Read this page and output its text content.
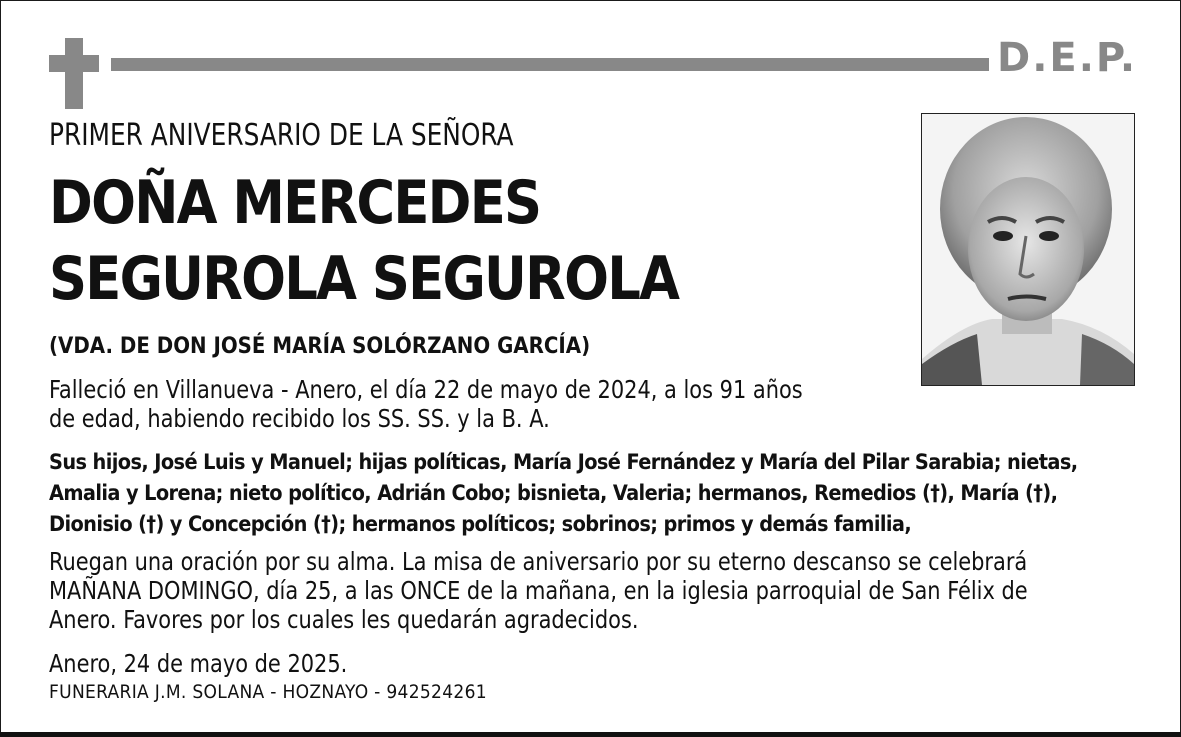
D.E.P.
PRIMER ANIVERSARIO DE LA SEÑORA
DOÑA MERCEDES
SEGUROLA SEGUROLA
(VDA. DE DON JOSÉ MARÍA SOLÓRZANO GARCÍA)
Falleció en Villanueva - Anero, el día 22 de mayo de 2024, a los 91 años
de edad, habiendo recibido los SS. SS. y la B. A.
Sus hijos, José Luis y Manuel; hijas políticas, María José Fernández y María del Pilar Sarabia; nietas,
Amalia y Lorena; nieto político, Adrián Cobo; bisnieta, Valeria; hermanos, Remedios (†), María (†),
Dionisio (†) y Concepción (†); hermanos políticos; sobrinos; primos y demás familia,
Ruegan una oración por su alma. La misa de aniversario por su eterno descanso se celebrará
MAÑANA DOMINGO, día 25, a las ONCE de la mañana, en la iglesia parroquial de San Félix de
Anero. Favores por los cuales les quedarán agradecidos.
Anero, 24 de mayo de 2025.
FUNERARIA J.M. SOLANA - HOZNAYO - 942524261
